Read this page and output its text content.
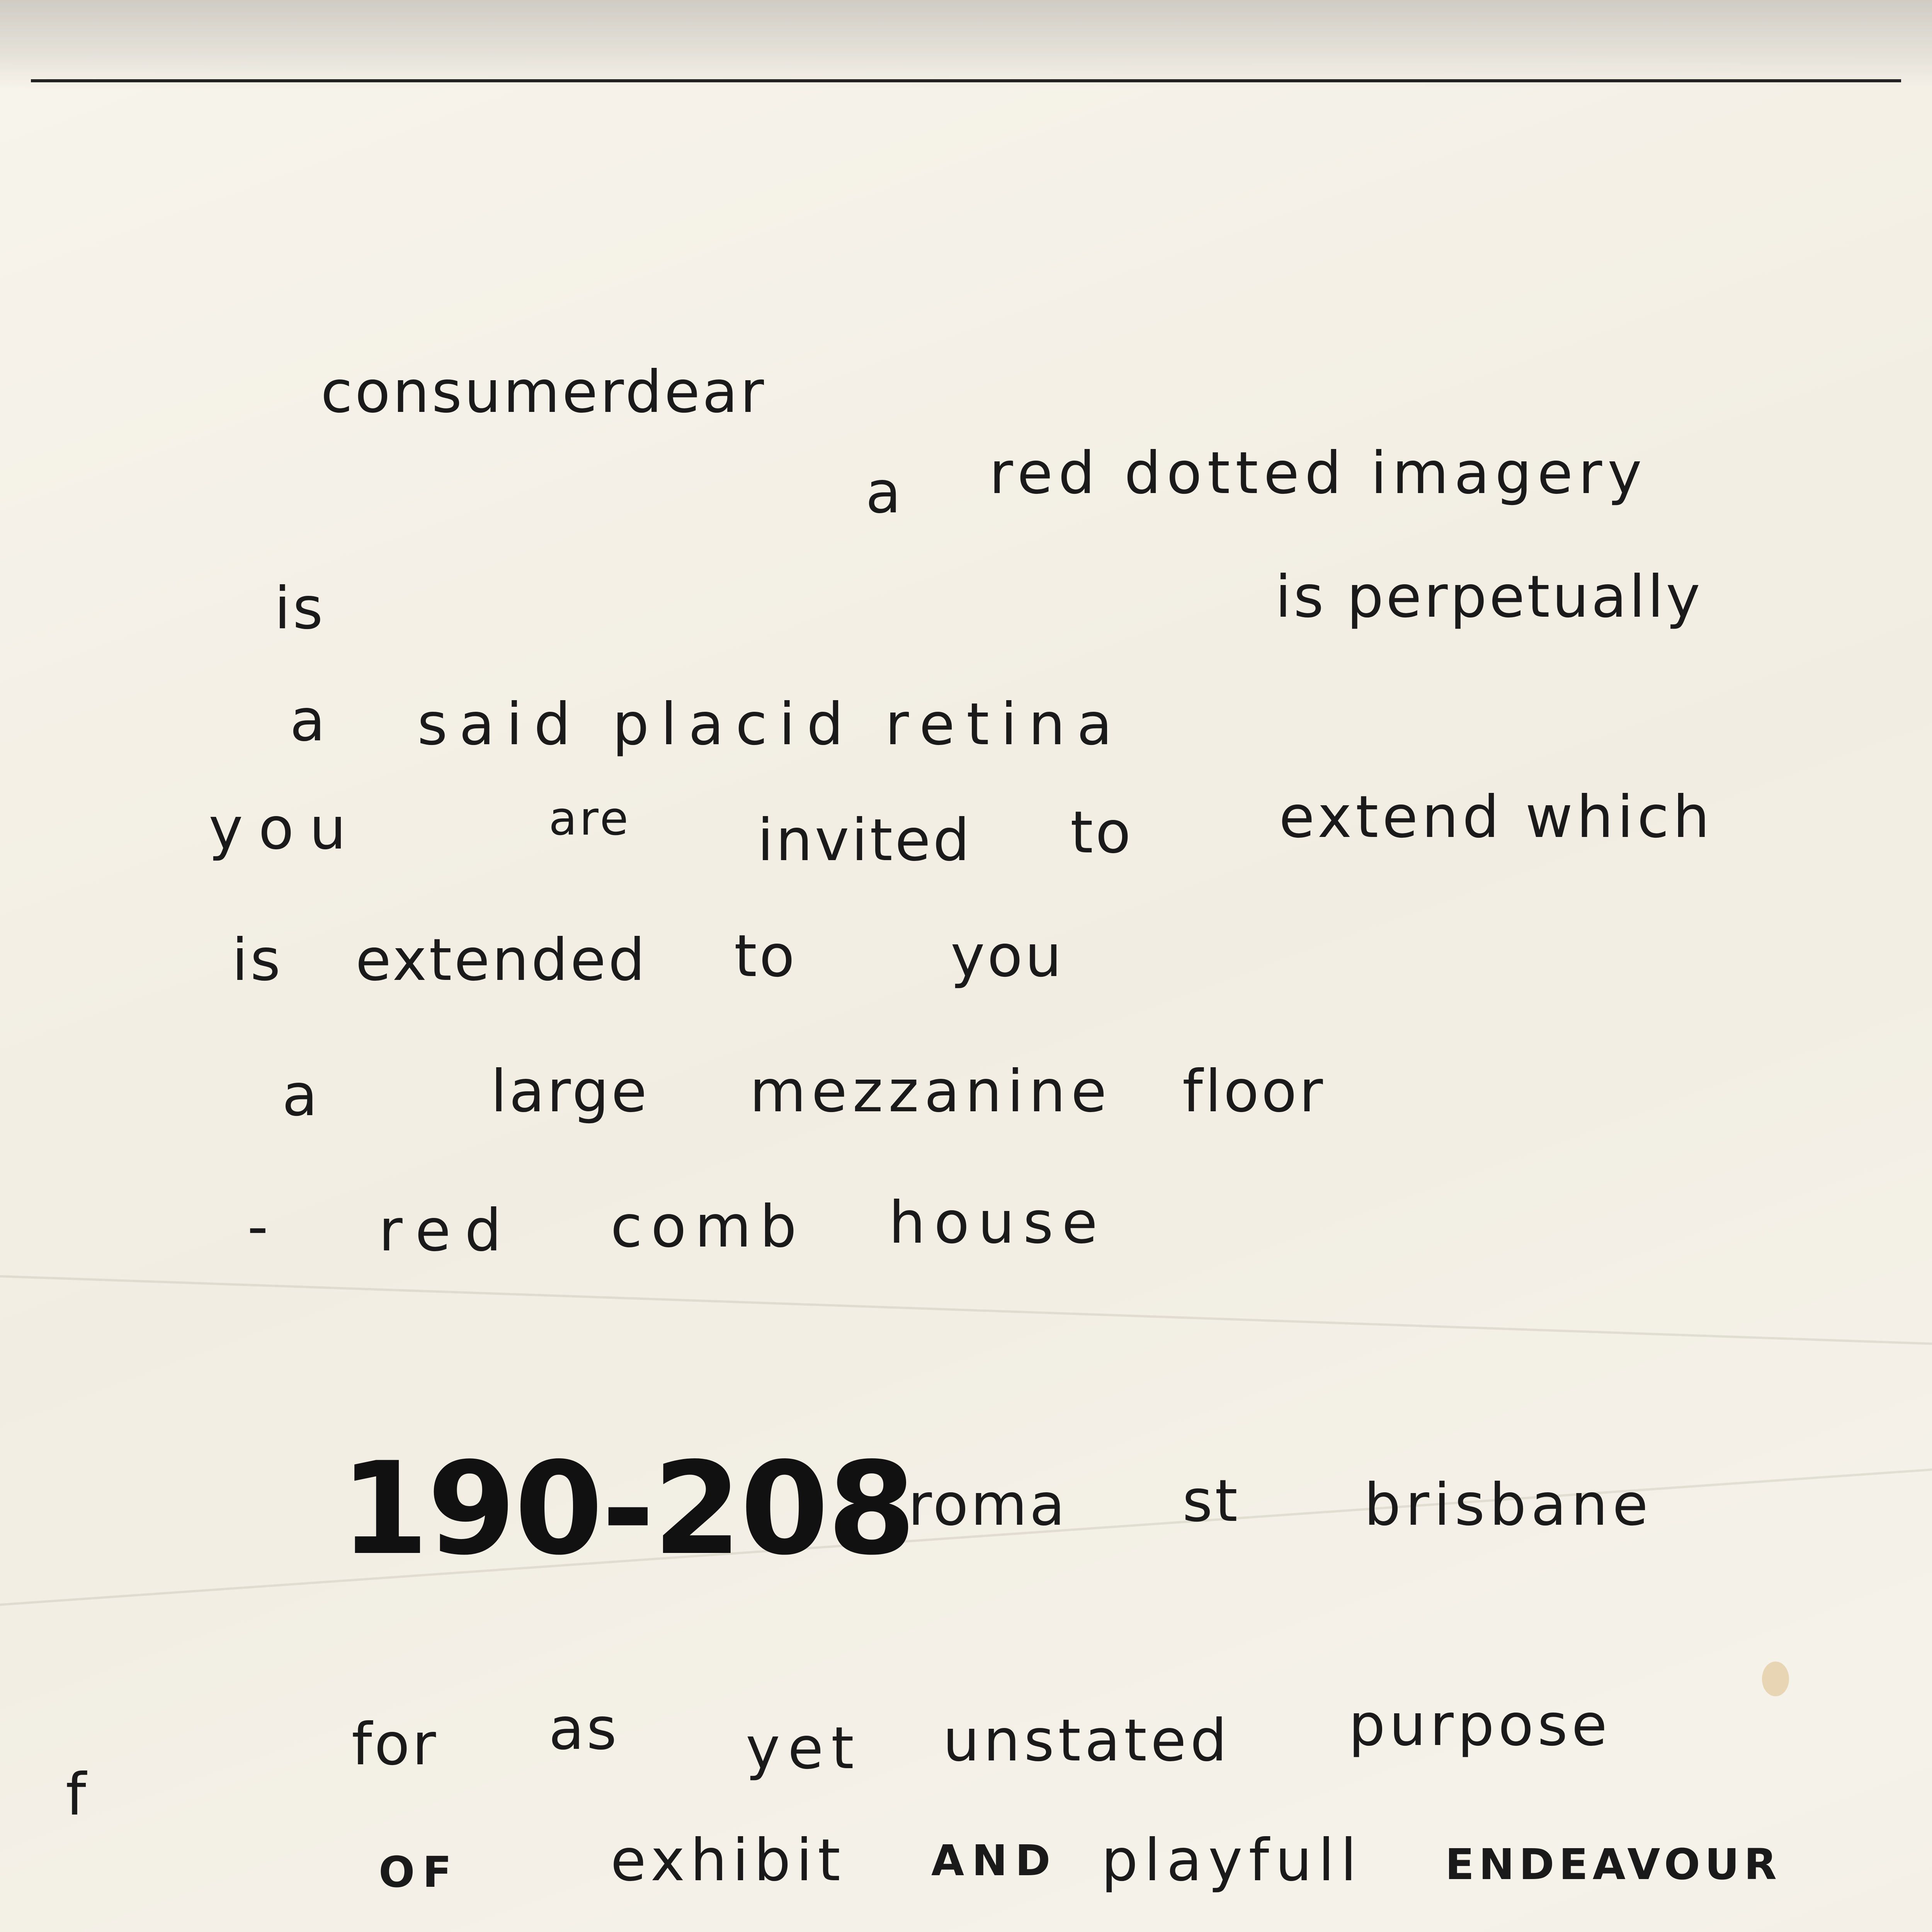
consumerdear
a red dotted imagery
is	is perpetually
a said placid retina
you	are invited to	extend which
is extended to	you
a	large mezzanine floor
- red comb house
190-208
roma st brisbane
f
for as yet unstated purpose
OF	exhibit AND playfull ENDEAVOUR
